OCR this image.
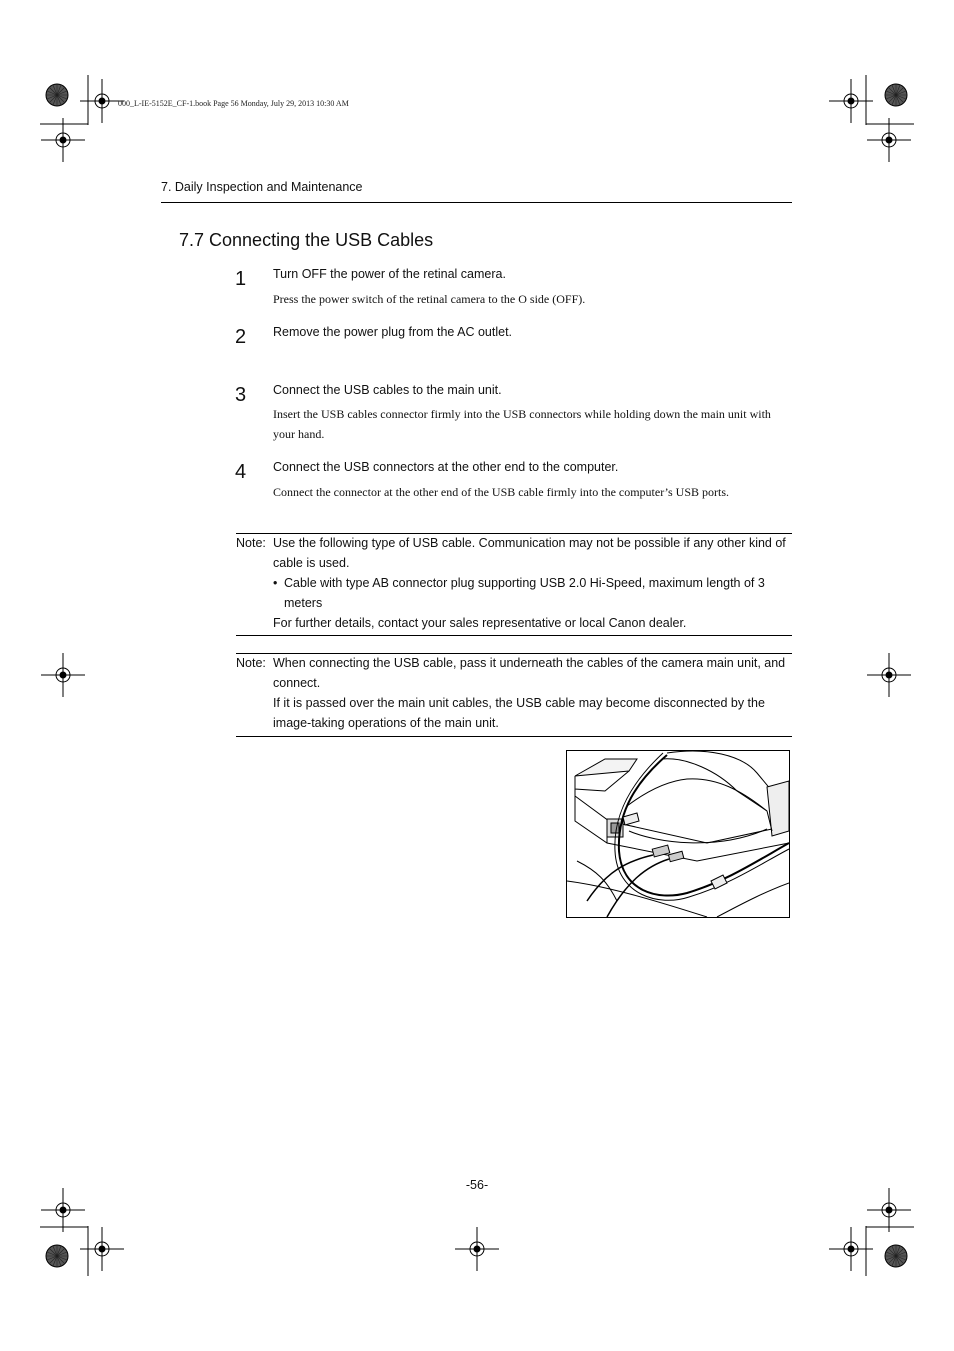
000_L-IE-5152E_CF-1.book Page 56 Monday, July 29, 2013 10:30 AM
7. Daily Inspection and Maintenance
7.7 Connecting the USB Cables
1 Turn OFF the power of the retinal camera.
Press the power switch of the retinal camera to the O side (OFF).
2 Remove the power plug from the AC outlet.
3 Connect the USB cables to the main unit.
Insert the USB cables connector firmly into the USB connectors while holding down the main unit with your hand.
4 Connect the USB connectors at the other end to the computer.
Connect the connector at the other end of the USB cable firmly into the computer’s USB ports.
Note: Use the following type of USB cable. Communication may not be possible if any other kind of cable is used.

• Cable with type AB connector plug supporting USB 2.0 Hi-Speed, maximum length of 3 meters

For further details, contact your sales representative or local Canon dealer.

Note: When connecting the USB cable, pass it underneath the cables of the camera main unit, and connect.

If it is passed over the main unit cables, the USB cable may become disconnected by the image-taking operations of the main unit.

-56-
